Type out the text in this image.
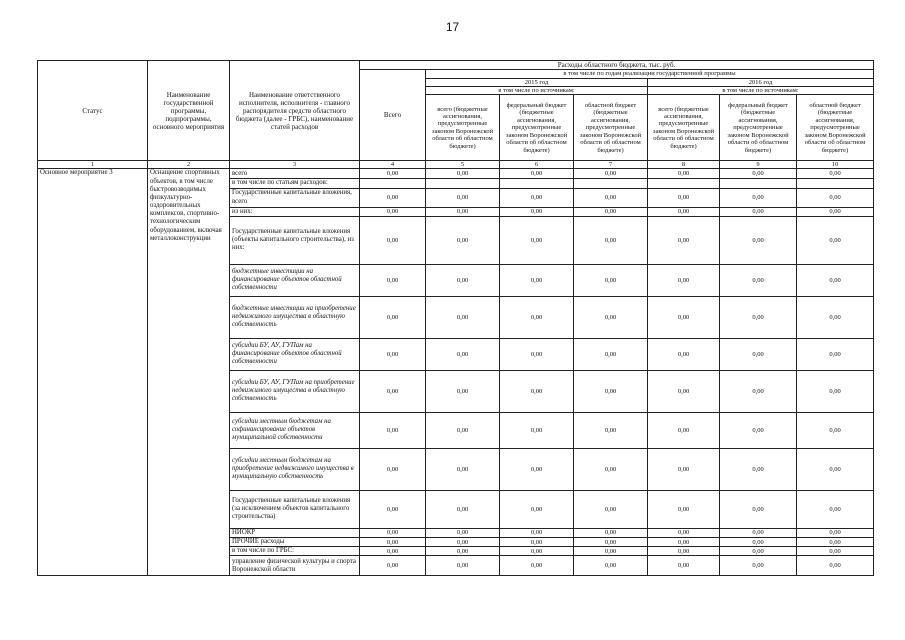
17
Статус	Наименование государственной программы, подпрограммы, основного мероприятия	Наименование ответственного исполнителя, исполнителя - главного распорядителя средств областного бюджета (далее - ГРБС), наименование статей расходов	Расходы областного бюджета, тыс. руб.						
			Всего	в том числе по годам реализации государственной программы					
				2015 год			2016 год		
				в том числе по источникам:			в том числе по источникам:		
				всего (бюджетные ассигнования, предусмотренные законом Воронежской области об областном бюджете)	федеральный бюджет (бюджетные ассигнования, предусмотренные законом Воронежской области об областном бюджете)	областной бюджет (бюджетные ассигнования, предусмотренные законом Воронежской области об областном бюджете)	всего (бюджетные ассигнования, предусмотренные законом Воронежской области об областном бюджете)	федеральный бюджет (бюджетные ассигнования, предусмотренные законом Воронежской области об областном бюджете)	областной бюджет (бюджетные ассигнования, предусмотренные законом Воронежской области об областном бюджете)
1	2	3	4	5	6	7	8	9	10
Основное мероприятие 3	Оснащение спортивных объектов, в том числе быстровозводимых физкультурно-оздоровительных комплексов, спортивно-технологическим оборудованием, включая металлоконструкции	всего	0,00	0,00	0,00	0,00	0,00	0,00	0,00
		в том числе по статьям расходов:							
		Государственные капитальные вложения, всего	0,00	0,00	0,00	0,00	0,00	0,00	0,00
		из них:	0,00	0,00	0,00	0,00	0,00	0,00	0,00
		Государственные капитальные вложения (объекты капитального строительства), из них:	0,00	0,00	0,00	0,00	0,00	0,00	0,00
		бюджетные инвестиции на финансирование объектов областной собственности	0,00	0,00	0,00	0,00	0,00	0,00	0,00
		бюджетные инвестиции на приобретение недвижимого имущества в областную собственность	0,00	0,00	0,00	0,00	0,00	0,00	0,00
		субсидии БУ, АУ, ГУПам на финансирование объектов областной собственности	0,00	0,00	0,00	0,00	0,00	0,00	0,00
		субсидии БУ, АУ, ГУПам на приобретение недвижимого имущества в областную собственность	0,00	0,00	0,00	0,00	0,00	0,00	0,00
		субсидии местным бюджетам на софинансирование объектов муниципальной собственности	0,00	0,00	0,00	0,00	0,00	0,00	0,00
		субсидии местным бюджетам на приобретение недвижимого имущества в муниципальную собственность	0,00	0,00	0,00	0,00	0,00	0,00	0,00
		Государственные капитальные вложения (за исключением объектов капитального строительства)	0,00	0,00	0,00	0,00	0,00	0,00	0,00
		НИОКР	0,00	0,00	0,00	0,00	0,00	0,00	0,00
		ПРОЧИЕ расходы	0,00	0,00	0,00	0,00	0,00	0,00	0,00
		в том числе по ГРБС:	0,00	0,00	0,00	0,00	0,00	0,00	0,00
		управление физической культуры и спорта Воронежской области	0,00	0,00	0,00	0,00	0,00	0,00	0,00
